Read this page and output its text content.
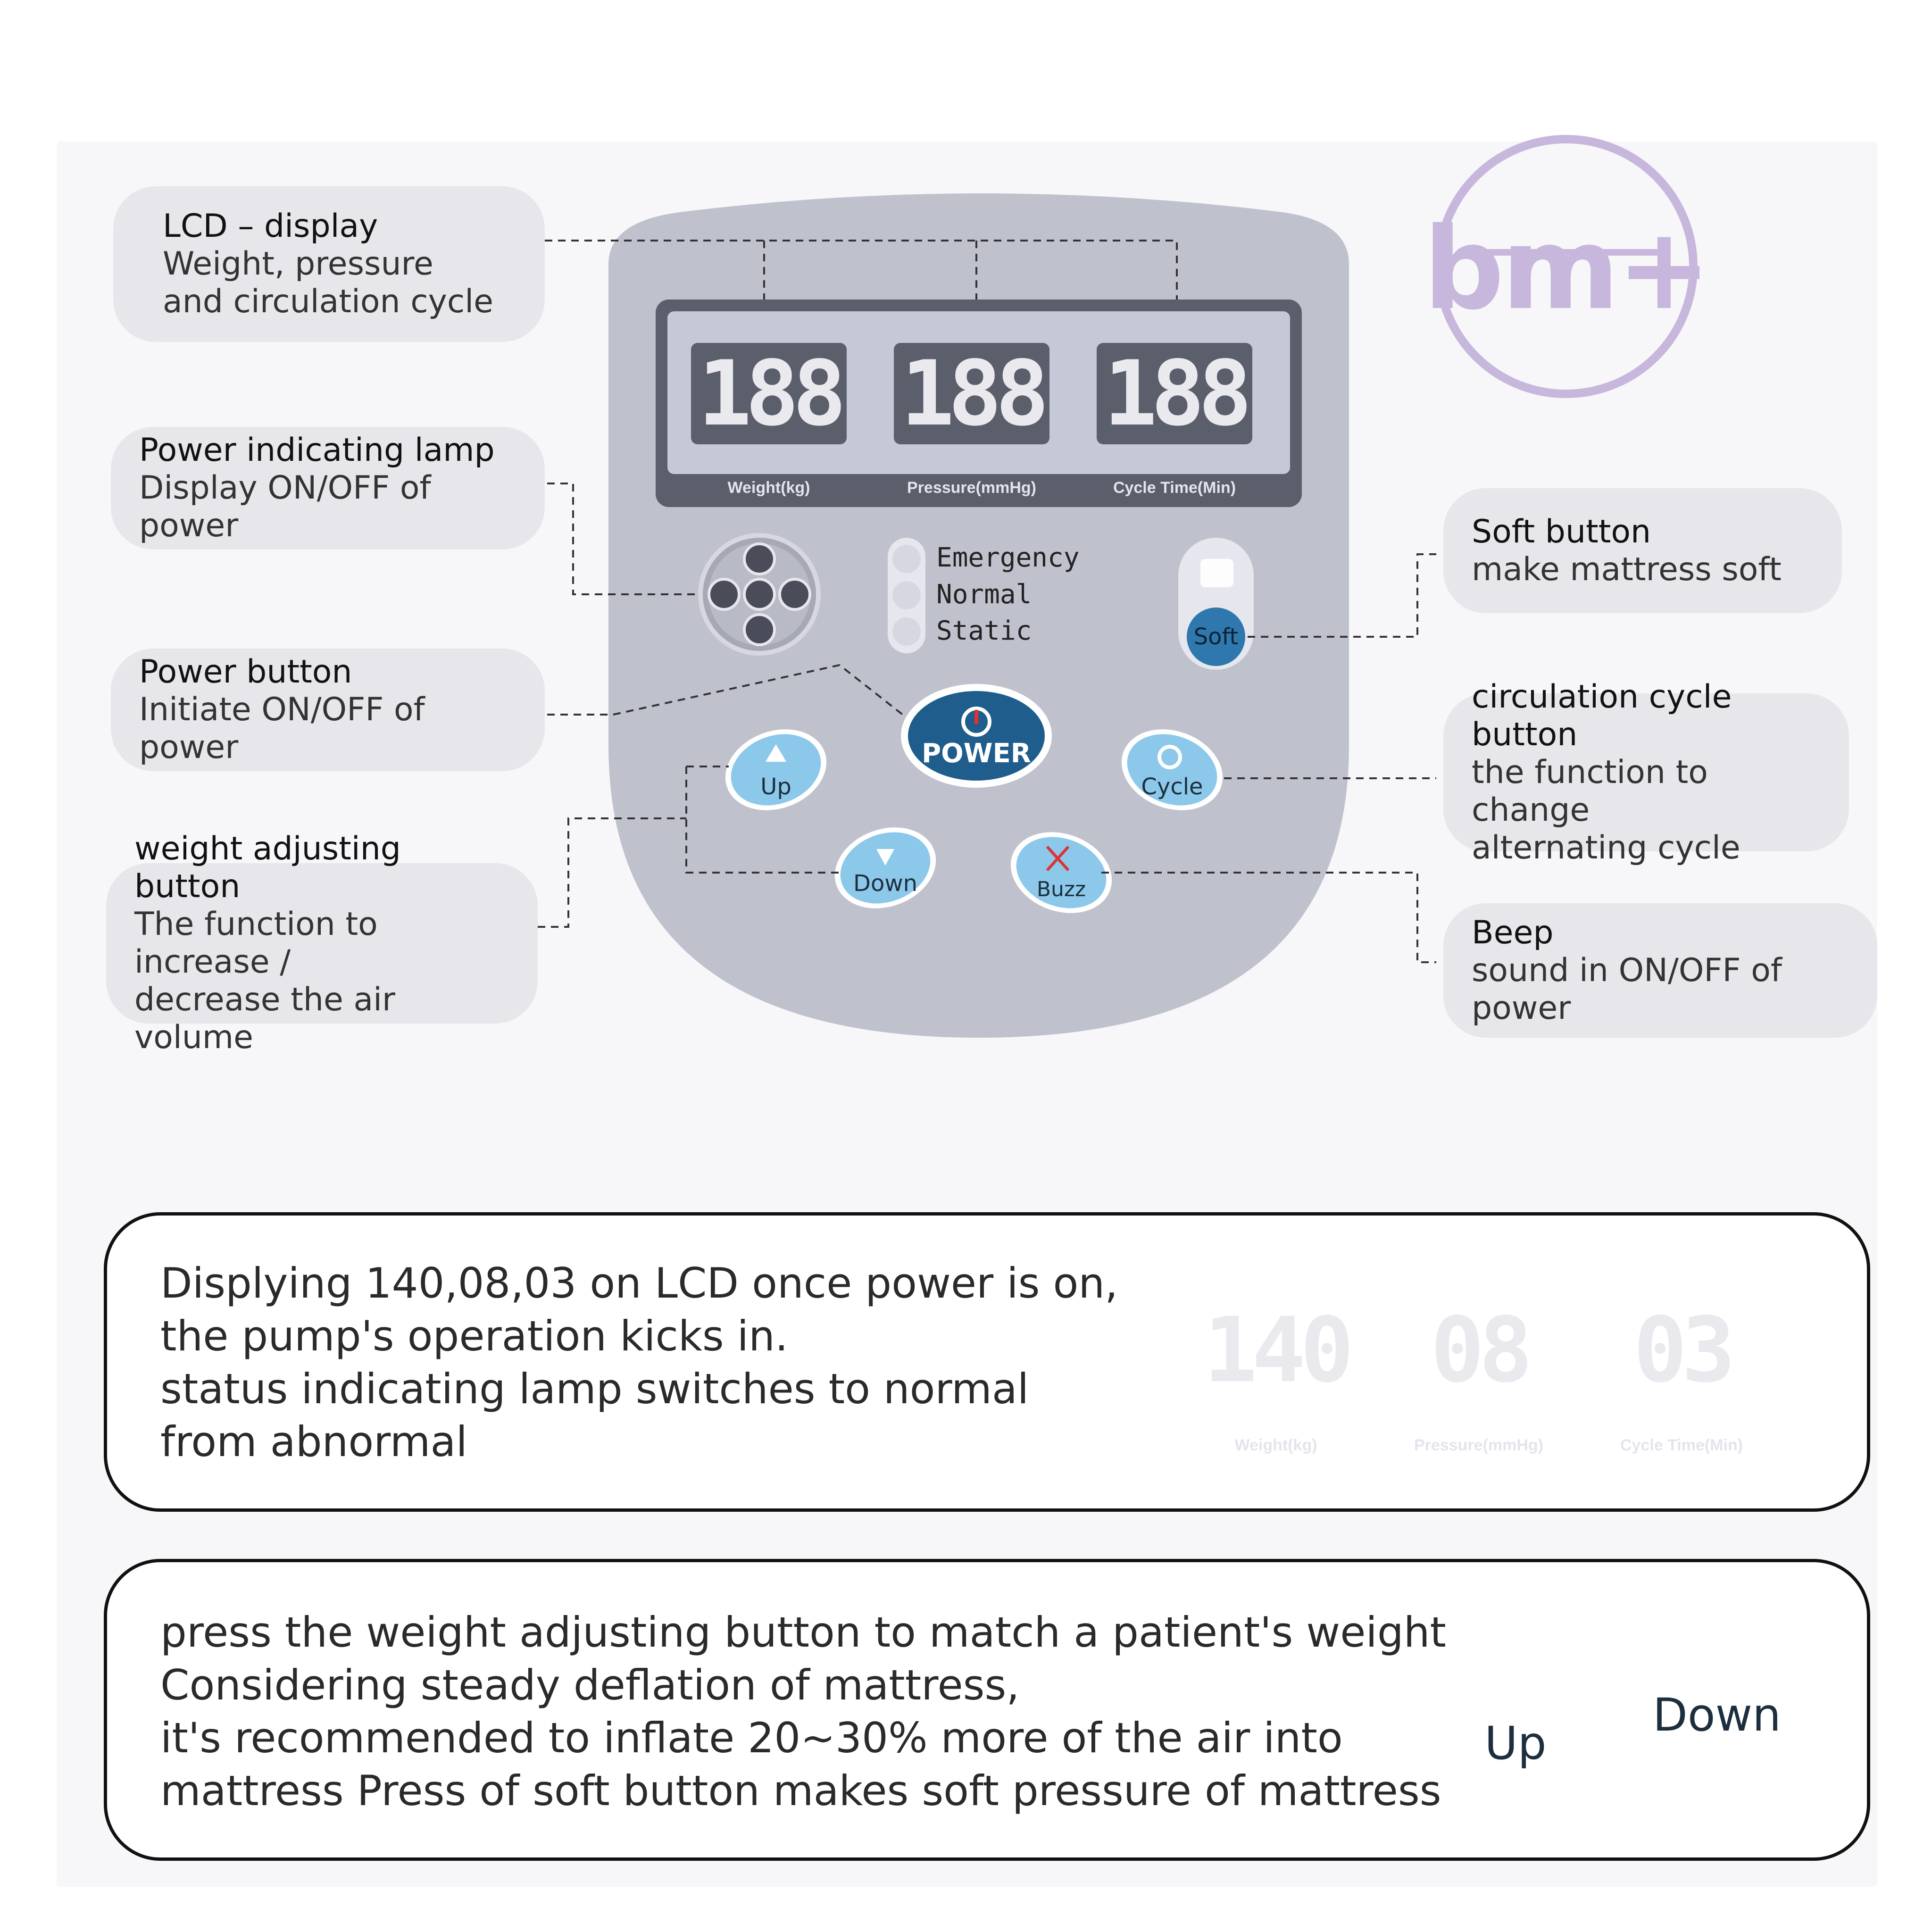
188 188 188
Weight(kg)	Pressure(mmHg)	Cycle Time(Min)
Emergency
Normal
Static
POWER
Soft
Up
Down
Cycle
Buzz
bm+
LCD – display
Weight, pressure
and circulation cycle
Power indicating lamp
Display ON/OFF of power
Power button
Initiate ON/OFF of power
weight adjusting button
The function to increase /
decrease the air volume
Soft button
make mattress soft
circulation cycle button
the function to change
alternating cycle
Beep
sound in ON/OFF of power
Displying 140,08,03 on LCD once power is on,
the pump's operation kicks in.
status indicating lamp switches to normal
from abnormal
140 08	03
Weight(kg)	Pressure(mmHg)	Cycle Time(Min)
press the weight adjusting button to match a patient's weight
Considering steady deflation of mattress,
it's recommended to inflate 20~30% more of the air into
mattress Press of soft button makes soft pressure of mattress
Up
Down
